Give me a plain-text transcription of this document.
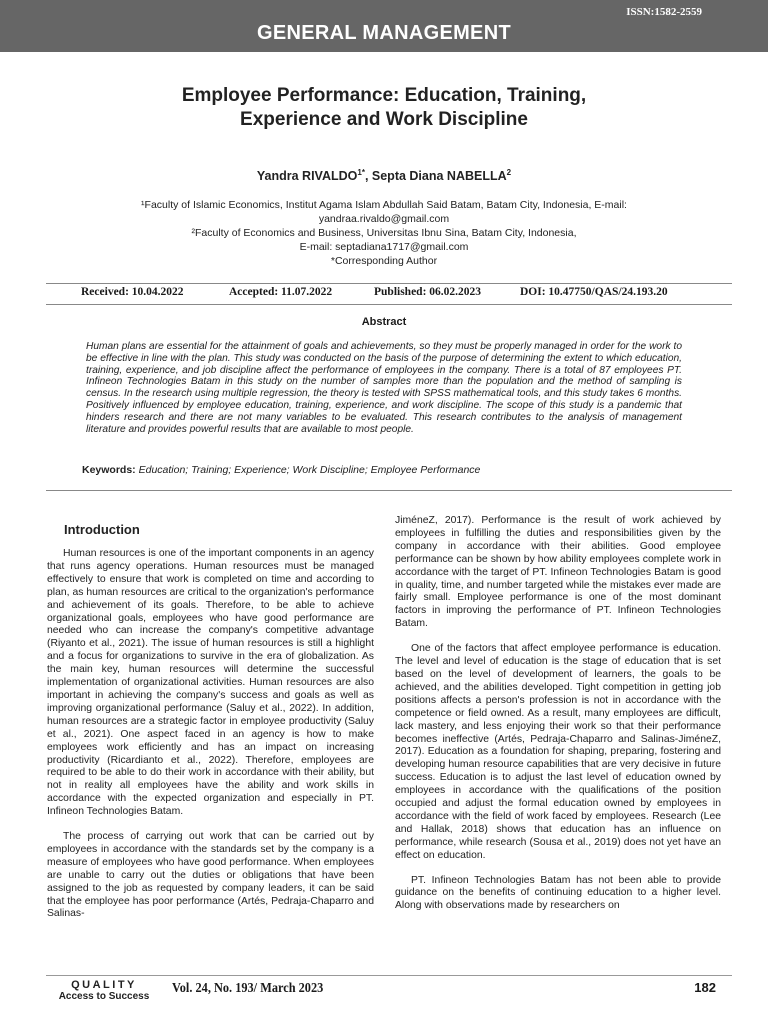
ISSN:1582-2559
GENERAL MANAGEMENT
Employee Performance: Education, Training, Experience and Work Discipline
Yandra $RIVALDO^{1*}$, Septa Diana NABELLA$^2$
¹Faculty of Islamic Economics, Institut Agama Islam Abdullah Said Batam, Batam City, Indonesia, E-mail:
yandraa.rivaldo@gmail.com
²Faculty of Economics and Business, Universitas Ibnu Sina, Batam City, Indonesia,
E-mail: septadiana1717@gmail.com
*Corresponding Author
Received: 10.04.2022	Accepted: 11.07.2022	Published: 06.02.2023	DOI: 10.47750/QAS/24.193.20
Abstract
Human plans are essential for the attainment of goals and achievements, so they must be properly managed in order for the work to be effective in line with the plan. This study was conducted on the basis of the purpose of determining the extent to which education, training, experience, and job discipline affect the performance of employees in the company. There is a total of 87 employees PT. Infineon Technologies Batam in this study on the number of samples more than the population and the method of sampling is census. In the research using multiple regression, the theory is tested with SPSS mathematical tools, and this study takes 6 months. Positively influenced by employee education, training, experience, and work discipline. The scope of this study is a pandemic that hinders research and there are not many variables to be evaluated. This research contributes to the analysis of management literature and provides powerful results that are available to most people.
Keywords: Education; Training; Experience; Work Discipline; Employee Performance
Introduction

Human resources is one of the important components in an agency that runs agency operations. Human resources must be managed effectively to ensure that work is completed on time and according to plan, as human resources are critical to the organization's performance and achievement of its goals. Therefore, to be able to achieve organizational goals, employees who have good performance are needed who can increase the company's competitive advantage (Riyanto et al., 2021). The issue of human resources is still a highlight and a focus for organizations to survive in the era of globalization. As the main key, human resources will determine the successful implementation of organizational activities. Human resources are also important in achieving the company's success and goals as well as improving organizational performance (Saluy et al., 2022). In addition, human resources are a strategic factor in employee productivity (Saluy et al., 2021). One aspect faced in an agency is how to make employees work efficiently and has an impact on increasing productivity (Ricardianto et al., 2022). Therefore, employees are required to be able to do their work in accordance with their ability, but not in reality all employees have the ability and work skills in accordance with the expected organization and especially in PT. Infineon Technologies Batam.

The process of carrying out work that can be carried out by employees in accordance with the standards set by the company is a measure of employees who have good performance. When employees are unable to carry out the duties or obligations that have been assigned to the job as requested by company leaders, it can be said that the employee has poor performance (Artés, Pedraja-Chaparro and Salinas-

JiméneZ, 2017). Performance is the result of work achieved by employees in fulfilling the duties and responsibilities given by the company in accordance with their abilities. Good employee performance can be shown by how ability employees complete work in accordance with the target of PT. Infineon Technologies Batam is good in quality, time, and number targeted while the mistakes ever made are fairly small. Employee performance is one of the most dominant factors in improving the performance of PT. Infineon Technologies Batam.

One of the factors that affect employee performance is education. The level and level of education is the stage of education that is set based on the level of development of learners, the goals to be achieved, and the abilities developed. Tight competition in getting job positions affects a person's profession is not in accordance with the competence or field owned. As a result, many employees are difficult, lack mastery, and less enjoying their work so that their performance becomes ineffective (Artés, Pedraja-Chaparro and Salinas-JiméneZ, 2017). Education as a foundation for shaping, preparing, fostering and developing human resource capabilities that are very decisive in future success. Education is to adjust the last level of education owned by employees in accordance with the qualifications of the position occupied and adjust the formal education owned by employees in accordance with the field of work faced by employees. Research (Lee and Hallak, 2018) shows that education has an influence on performance, while research (Sousa et al., 2019) does not yet have an effect on education.

PT. Infineon Technologies Batam has not been able to provide guidance on the benefits of continuing education to a higher level. Along with observations made by researchers on

QUALITY
Access to Success
Vol. 24, No. 193/ March 2023	182
